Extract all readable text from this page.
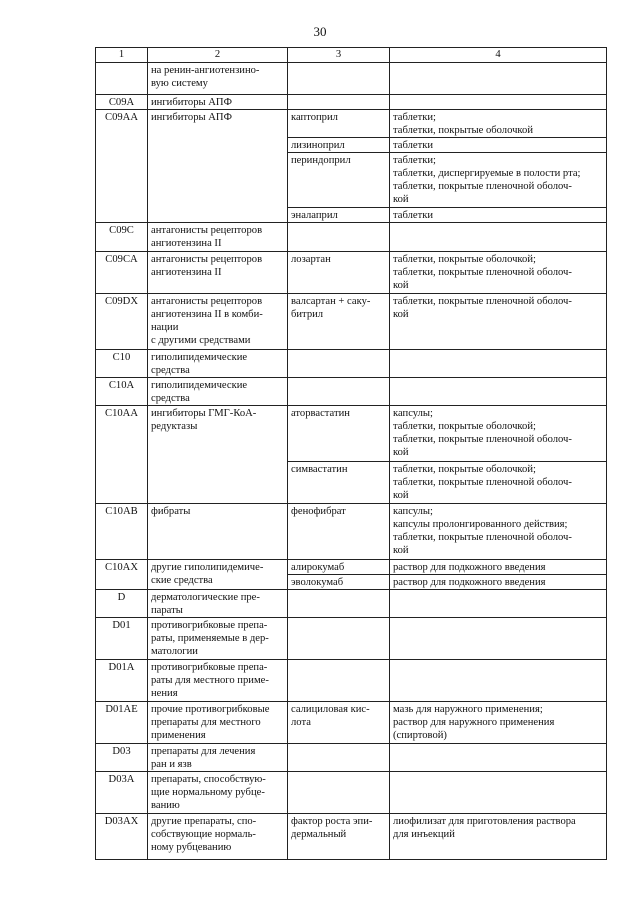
30
1	2	3	4
	на ренин-ангиотензино-
вую систему		
C09A	ингибиторы АПФ		
C09AA	ингибиторы АПФ	каптоприл	таблетки;
таблетки, покрытые оболочкой
		лизиноприл	таблетки
		периндоприл	таблетки;
таблетки, диспергируемые в полости рта;
таблетки, покрытые пленочной оболоч-
кой
		эналаприл	таблетки
C09C	антагонисты рецепторов
ангиотензина II		
C09CA	антагонисты рецепторов
ангиотензина II	лозартан	таблетки, покрытые оболочкой;
таблетки, покрытые пленочной оболоч-
кой
C09DX	антагонисты рецепторов
ангиотензина II в комби-
нации
с другими средствами	валсартан + саку-
битрил	таблетки, покрытые пленочной оболоч-
кой
C10	гиполипидемические
средства		
C10A	гиполипидемические
средства		
C10AA	ингибиторы ГМГ-КоА-
редуктазы	аторвастатин	капсулы;
таблетки, покрытые оболочкой;
таблетки, покрытые пленочной оболоч-
кой
		симвастатин	таблетки, покрытые оболочкой;
таблетки, покрытые пленочной оболоч-
кой
C10AB	фибраты	фенофибрат	капсулы;
капсулы пролонгированного действия;
таблетки, покрытые пленочной оболоч-
кой
C10AX	другие гиполипидемиче-
ские средства	алирокумаб	раствор для подкожного введения
		эволокумаб	раствор для подкожного введения
D	дерматологические пре-
параты		
D01	противогрибковые препа-
раты, применяемые в дер-
матологии		
D01A	противогрибковые препа-
раты для местного приме-
нения		
D01AE	прочие противогрибковые
препараты для местного
применения	салициловая кис-
лота	мазь для наружного применения;
раствор для наружного применения
(спиртовой)
D03	препараты для лечения
ран и язв		
D03A	препараты, способствую-
щие нормальному рубце-
ванию		
D03AX	другие препараты, спо-
собствующие нормаль-
ному рубцеванию	фактор роста эпи-
дермальный	лиофилизат для приготовления раствора
для инъекций
